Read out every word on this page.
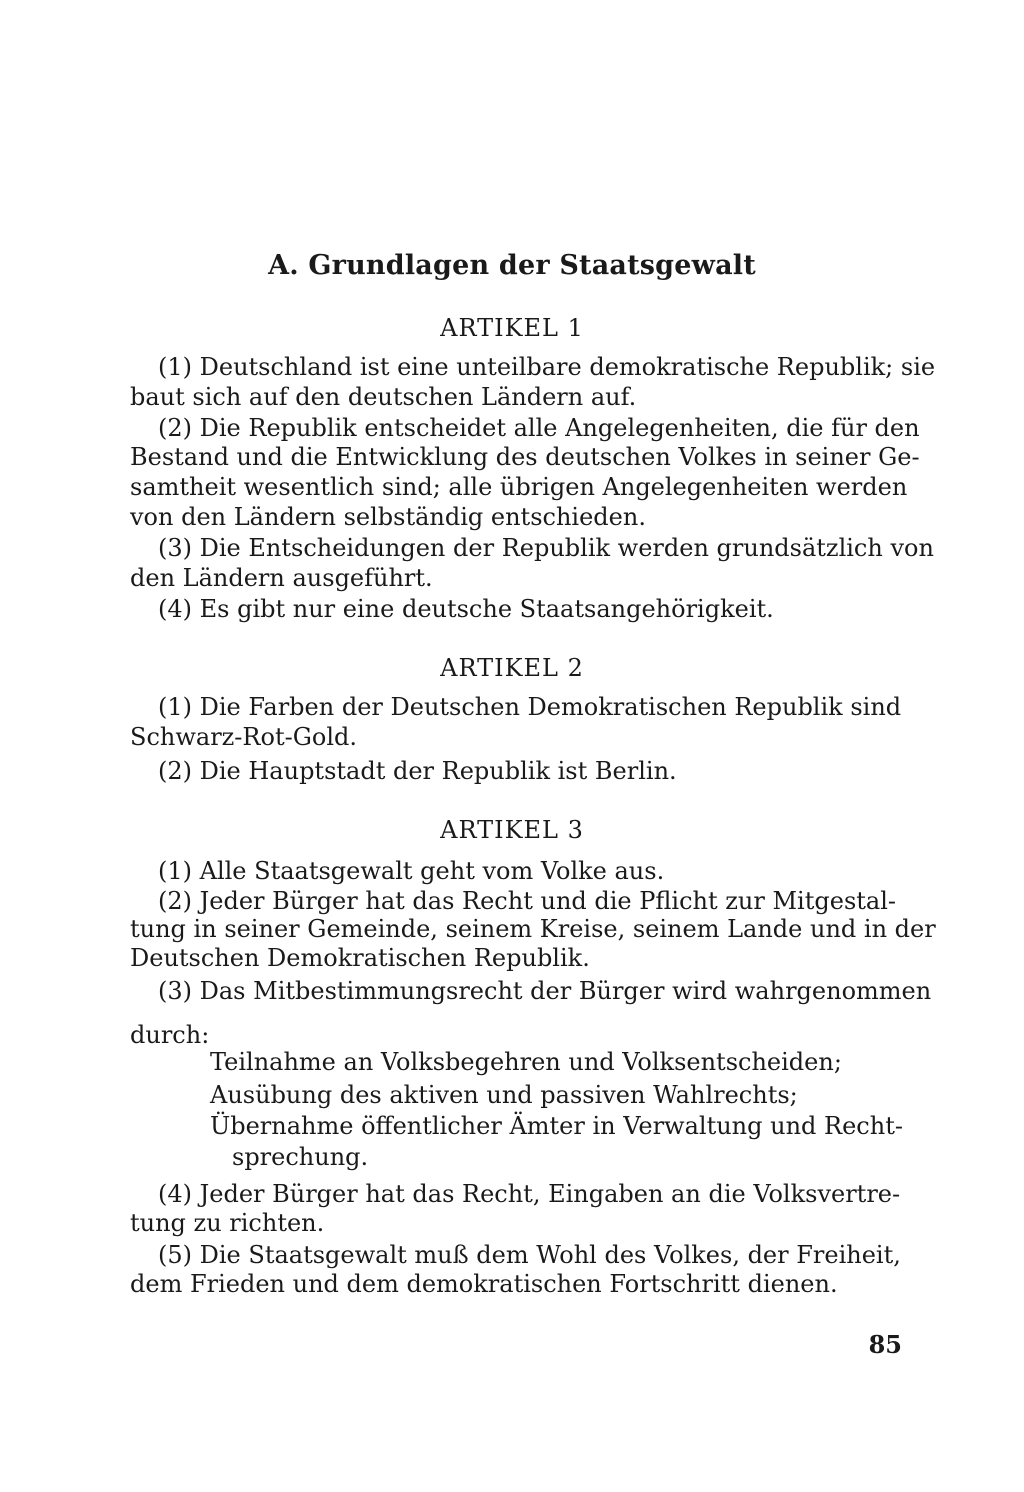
A. Grundlagen der Staatsgewalt
ARTIKEL 1
(1) Deutschland ist eine unteilbare demokratische Republik; sie
baut sich auf den deutschen Ländern auf.
(2) Die Republik entscheidet alle Angelegenheiten, die für den
Bestand und die Entwicklung des deutschen Volkes in seiner Ge-
samtheit wesentlich sind; alle übrigen Angelegenheiten werden
von den Ländern selbständig entschieden.
(3) Die Entscheidungen der Republik werden grundsätzlich von
den Ländern ausgeführt.
(4) Es gibt nur eine deutsche Staatsangehörigkeit.
ARTIKEL 2
(1) Die Farben der Deutschen Demokratischen Republik sind
Schwarz-Rot-Gold.
(2) Die Hauptstadt der Republik ist Berlin.
ARTIKEL 3
(1) Alle Staatsgewalt geht vom Volke aus.
(2) Jeder Bürger hat das Recht und die Pflicht zur Mitgestal-
tung in seiner Gemeinde, seinem Kreise, seinem Lande und in der
Deutschen Demokratischen Republik.
(3) Das Mitbestimmungsrecht der Bürger wird wahrgenommen
durch:
Teilnahme an Volksbegehren und Volksentscheiden;
Ausübung des aktiven und passiven Wahlrechts;
Übernahme öffentlicher Ämter in Verwaltung und Recht-
sprechung.
(4) Jeder Bürger hat das Recht, Eingaben an die Volksvertre-
tung zu richten.
(5) Die Staatsgewalt muß dem Wohl des Volkes, der Freiheit,
dem Frieden und dem demokratischen Fortschritt dienen.
85
